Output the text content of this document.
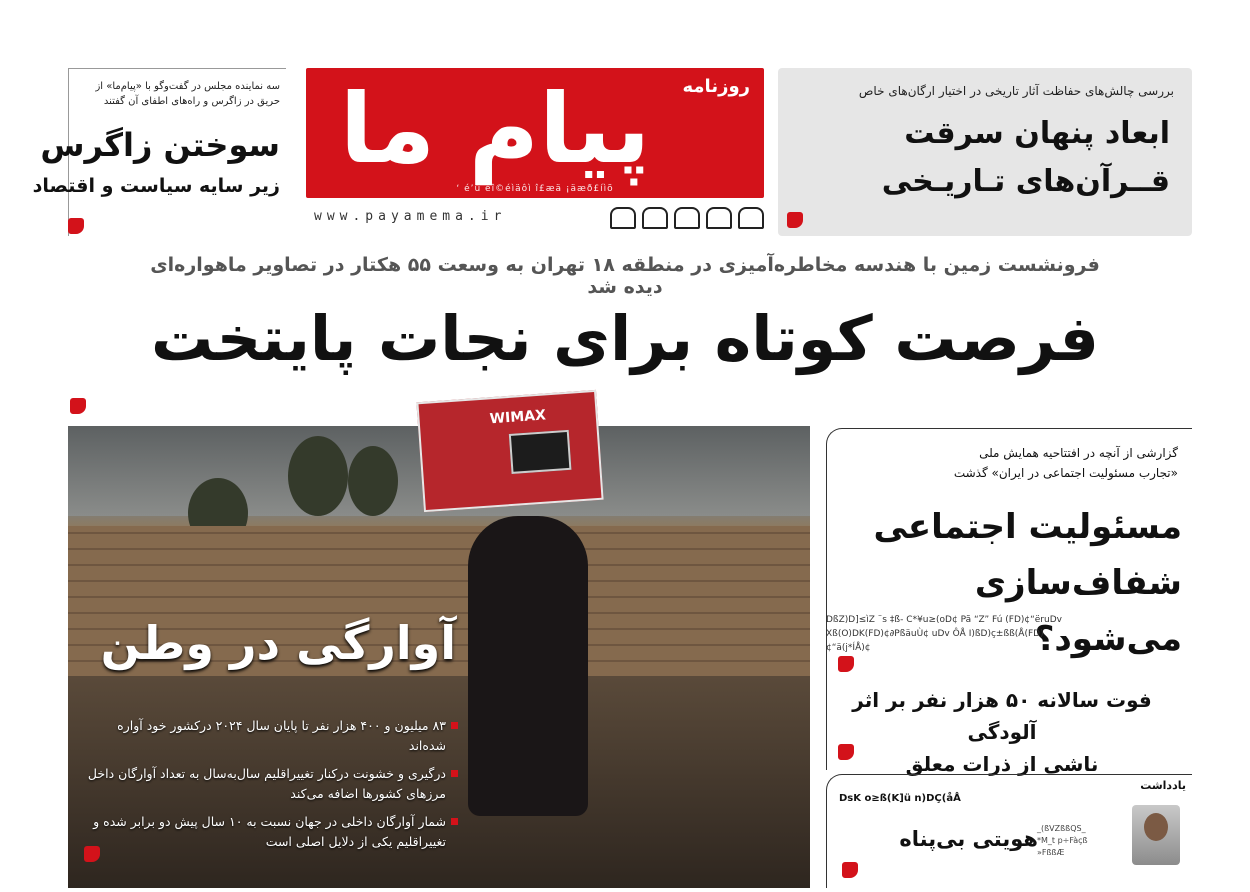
روزنامه
پیام ما
‘ é’ú éî©éìäôì î£æä ¡äæð£íìõ
www.payamema.ir
بررسی چالش‌های حفاظت آثار تاریخی در اختیار ارگان‌های خاص
ابعاد پنهان سرقت
قــرآن‌های تـاریـخی
سه نماینده مجلس در گفت‌وگو با «پیام‌ما» از حریق در زاگرس و راه‌های اطفای آن گفتند
سوختن زاگرس
زیر سایه سیاست و اقتصاد
فرونشست زمین با هندسه مخاطره‌آمیزی در منطقه ۱۸ تهران به وسعت ۵۵ هکتار در تصاویر ماهواره‌ای دیده شد
فرصت کوتاه برای نجات پایتخت
WIMAX
آوارگی در وطن
۸۳ میلیون و ۴۰۰ هزار نفر تا پایان سال ۲۰۲۴ درکشور خود آواره شده‌اند
درگیری و خشونت درکنار تغییراقلیم سال‌به‌سال به تعداد آوارگان داخل مرزهای کشورها اضافه می‌کند
شمار آوارگان داخلی در جهان نسبت به ۱۰ سال پیش دو برابر شده و تغییراقلیم یکی از دلایل اصلی است
گزارشی از آنچه در افتتاحیه همایش ملی
«تجارب مسئولیت اجتماعی در ایران» گذشت
مسئولیت اجتماعی
شفاف‌سازی می‌شود؟
DßZ)D]≤ìZ ¨s ‡ß- C*¥u≥(oD¢ Pã “Z” Fú (FD)¢“ëruDv Xß(O)DK(FD)¢∂PßäuÙ¢ uDv ÔÅ I)ßD)ç±ßß(Å(FD)¢“ä(j*ÍÅ)¢
فوت سالانه ۵۰ هزار نفر بر اثر آلودگی
ناشی از ذرات معلق
یادداشت
DsK o≥ß(K]ü n)DÇ(åÅ
هویتی بی‌پناه _(ßVZßßQS_
*M_t p÷Fàçß
»FßßÆ
